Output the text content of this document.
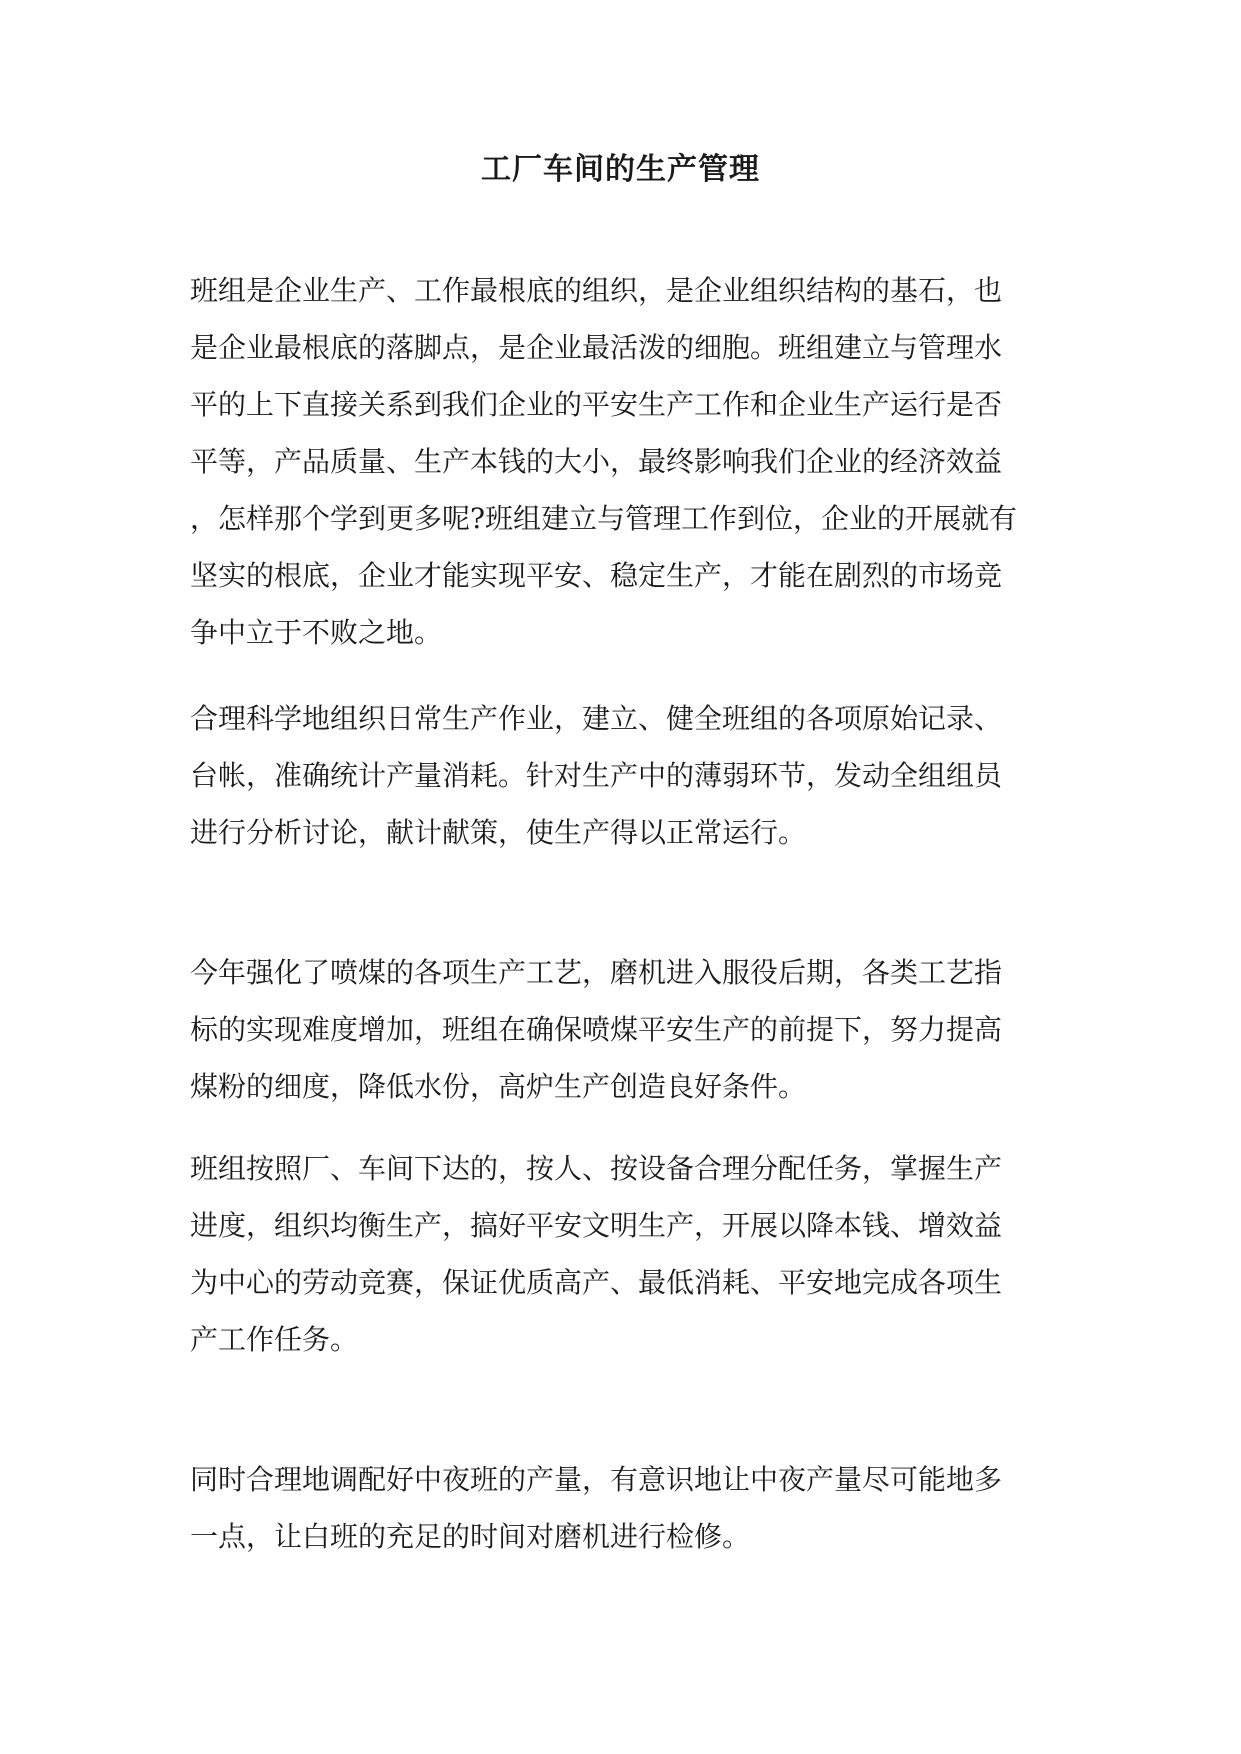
工厂车间的生产管理
班组是企业生产、工作最根底的组织，是企业组织结构的基石，也
是企业最根底的落脚点，是企业最活泼的细胞。班组建立与管理水
平的上下直接关系到我们企业的平安生产工作和企业生产运行是否
平等，产品质量、生产本钱的大小，最终影响我们企业的经济效益
，怎样那个学到更多呢?班组建立与管理工作到位，企业的开展就有
坚实的根底，企业才能实现平安、稳定生产，才能在剧烈的市场竞
争中立于不败之地。
合理科学地组织日常生产作业，建立、健全班组的各项原始记录、
台帐，准确统计产量消耗。针对生产中的薄弱环节，发动全组组员
进行分析讨论，献计献策，使生产得以正常运行。
今年强化了喷煤的各项生产工艺，磨机进入服役后期，各类工艺指
标的实现难度增加，班组在确保喷煤平安生产的前提下，努力提高
煤粉的细度，降低水份，高炉生产创造良好条件。
班组按照厂、车间下达的，按人、按设备合理分配任务，掌握生产
进度，组织均衡生产，搞好平安文明生产，开展以降本钱、增效益
为中心的劳动竞赛，保证优质高产、最低消耗、平安地完成各项生
产工作任务。
同时合理地调配好中夜班的产量，有意识地让中夜产量尽可能地多
一点，让白班的充足的时间对磨机进行检修。
